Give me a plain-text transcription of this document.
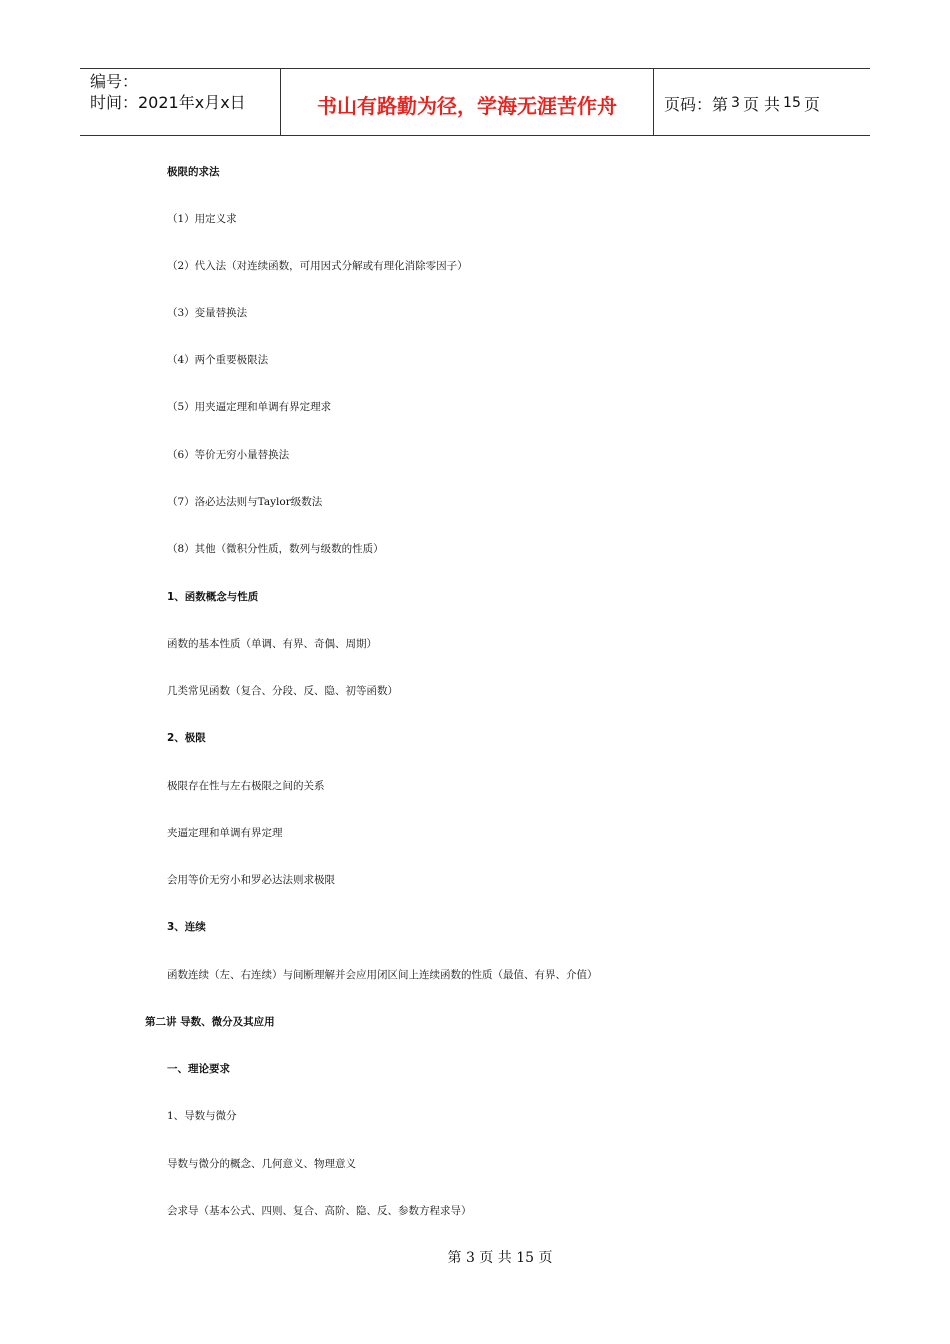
编号：
时间：2021年x月x日	书山有路勤为径，学海无涯苦作舟	页码：第 3 页 共 15 页
极限的求法
（1）用定义求
（2）代入法（对连续函数，可用因式分解或有理化消除零因子）
（3）变量替换法
（4）两个重要极限法
（5）用夹逼定理和单调有界定理求
（6）等价无穷小量替换法
（7）洛必达法则与Taylor级数法
（8）其他（微积分性质，数列与级数的性质）
1、函数概念与性质
函数的基本性质（单调、有界、奇偶、周期）
几类常见函数（复合、分段、反、隐、初等函数）
2、极限
极限存在性与左右极限之间的关系
夹逼定理和单调有界定理
会用等价无穷小和罗必达法则求极限
3、连续
函数连续（左、右连续）与间断理解并会应用闭区间上连续函数的性质（最值、有界、介值）
第二讲 导数、微分及其应用
一、理论要求
1、导数与微分
导数与微分的概念、几何意义、物理意义
会求导（基本公式、四则、复合、高阶、隐、反、参数方程求导）
第 3 页 共 15 页
